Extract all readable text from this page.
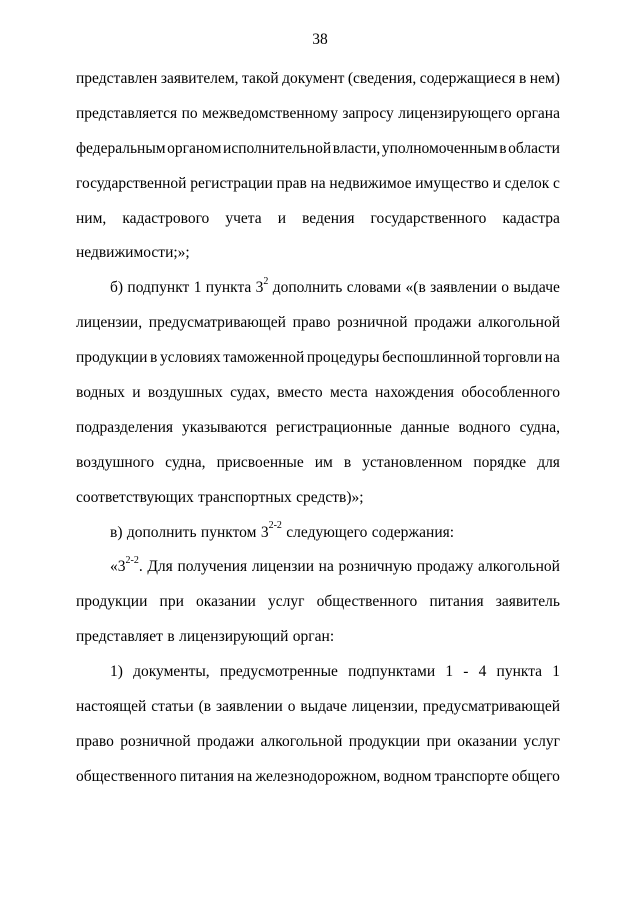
38
представлен заявителем, такой документ (сведения, содержащиеся в нем)
представляется по межведомственному запросу лицензирующего органа
федеральным органом исполнительной власти, уполномоченным в области
государственной регистрации прав на недвижимое имущество и сделок с
ним, кадастрового учета и ведения государственного кадастра
недвижимости;»;
б) подпункт 1 пункта $3^2$ дополнить словами «(в заявлении о выдаче
лицензии, предусматривающей право розничной продажи алкогольной
продукции в условиях таможенной процедуры беспошлинной торговли на
водных и воздушных судах, вместо места нахождения обособленного
подразделения указываются регистрационные данные водного судна,
воздушного судна, присвоенные им в установленном порядке для
соответствующих транспортных средств)»;
в) дополнить пунктом 3$^{2-2}$ следующего содержания:
«3$^{2-2}$. Для получения лицензии на розничную продажу алкогольной
продукции при оказании услуг общественного питания заявитель
представляет в лицензирующий орган:
1) документы, предусмотренные подпунктами 1 - 4 пункта 1
настоящей статьи (в заявлении о выдаче лицензии, предусматривающей
право розничной продажи алкогольной продукции при оказании услуг
общественного питания на железнодорожном, водном транспорте общего
